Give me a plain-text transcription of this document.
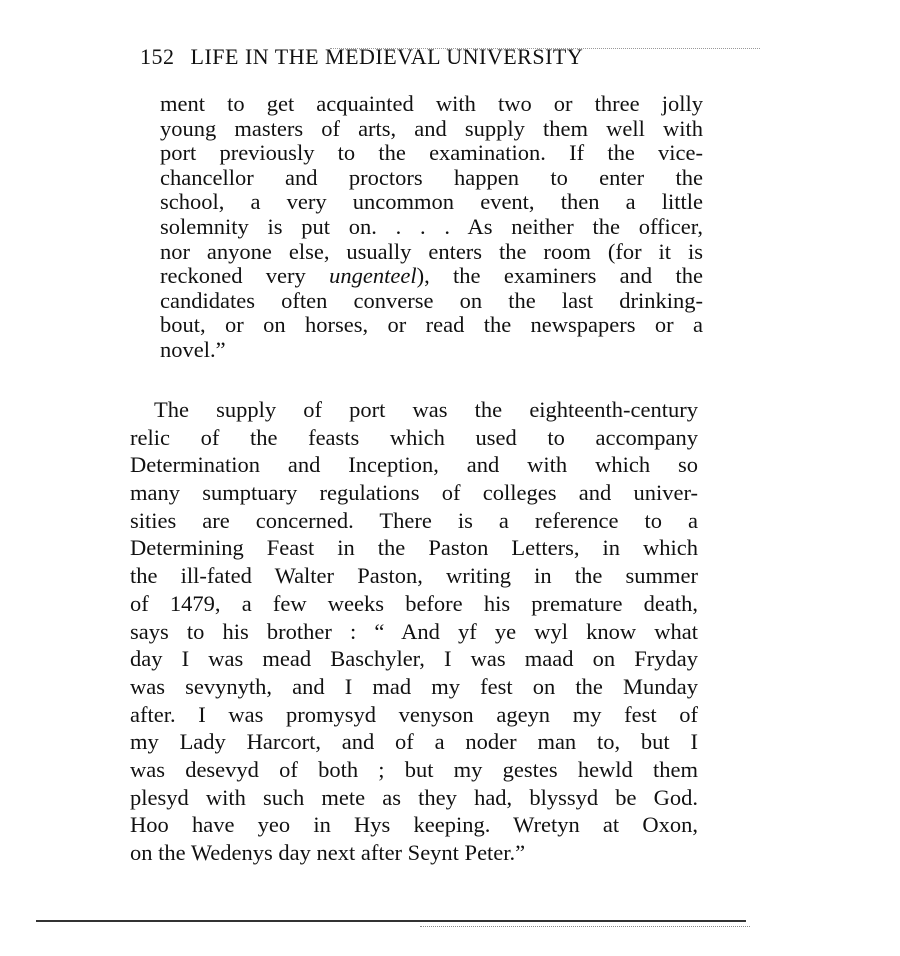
152 LIFE IN THE MEDIEVAL UNIVERSITY
ment to get acquainted with two or three jolly
young masters of arts, and supply them well with
port previously to the examination. If the vice-
chancellor and proctors happen to enter the
school, a very uncommon event, then a little
solemnity is put on. . . . As neither the officer,
nor anyone else, usually enters the room (for it is
reckoned very ungenteel), the examiners and the
candidates often converse on the last drinking-
bout, or on horses, or read the newspapers or a
novel.”
The supply of port was the eighteenth-century
relic of the feasts which used to accompany
Determination and Inception, and with which so
many sumptuary regulations of colleges and univer-
sities are concerned. There is a reference to a
Determining Feast in the Paston Letters, in which
the ill-fated Walter Paston, writing in the summer
of 1479, a few weeks before his premature death,
says to his brother : “ And yf ye wyl know what
day I was mead Baschyler, I was maad on Fryday
was sevynyth, and I mad my fest on the Munday
after. I was promysyd venyson ageyn my fest of
my Lady Harcort, and of a noder man to, but I
was desevyd of both ; but my gestes hewld them
plesyd with such mete as they had, blyssyd be God.
Hoo have yeo in Hys keeping. Wretyn at Oxon,
on the Wedenys day next after Seynt Peter.”
